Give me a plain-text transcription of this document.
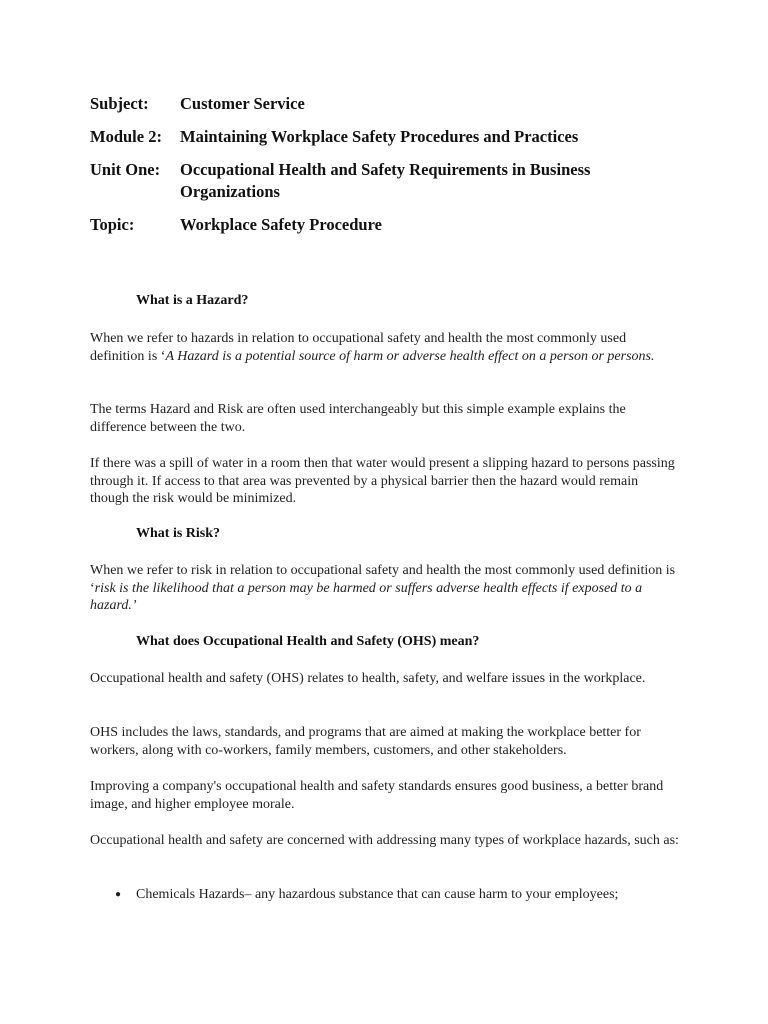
Subject:	Customer Service
Module 2:	Maintaining Workplace Safety Procedures and Practices
Unit One:	Occupational Health and Safety Requirements in Business Organizations
Topic:	Workplace Safety Procedure
What is a Hazard?
When we refer to hazards in relation to occupational safety and health the most commonly used definition is ‘A Hazard is a potential source of harm or adverse health effect on a person or persons.
The terms Hazard and Risk are often used interchangeably but this simple example explains the difference between the two.
If there was a spill of water in a room then that water would present a slipping hazard to persons passing through it. If access to that area was prevented by a physical barrier then the hazard would remain though the risk would be minimized.
What is Risk?
When we refer to risk in relation to occupational safety and health the most commonly used definition is ‘risk is the likelihood that a person may be harmed or suffers adverse health effects if exposed to a hazard.’
What does Occupational Health and Safety (OHS) mean?
Occupational health and safety (OHS) relates to health, safety, and welfare issues in the workplace.
OHS includes the laws, standards, and programs that are aimed at making the workplace better for workers, along with co-workers, family members, customers, and other stakeholders.
Improving a company's occupational health and safety standards ensures good business, a better brand image, and higher employee morale.
Occupational health and safety are concerned with addressing many types of workplace hazards, such as:
● Chemicals Hazards– any hazardous substance that can cause harm to your employees;
